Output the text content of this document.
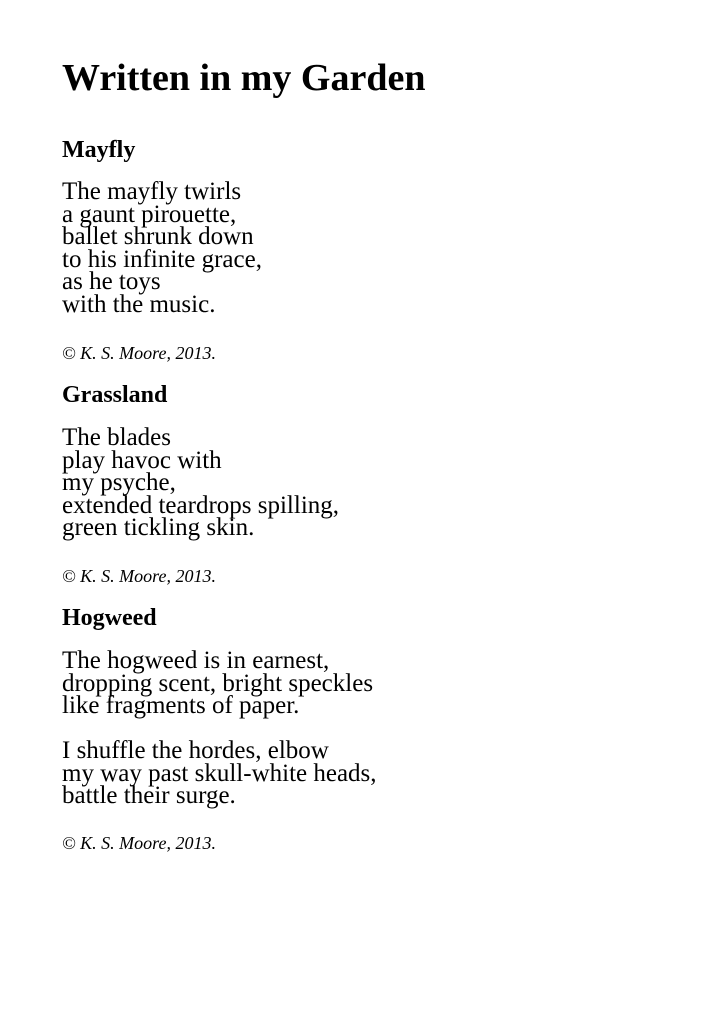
Written in my Garden
Mayfly
The mayfly twirls
a gaunt pirouette,
ballet shrunk down
to his infinite grace,
as he toys
with the music.

© K. S. Moore, 2013.

Grassland
The blades
play havoc with
my psyche,
extended teardrops spilling,
green tickling skin.

© K. S. Moore, 2013.

Hogweed
The hogweed is in earnest,
dropping scent, bright speckles
like fragments of paper.
I shuffle the hordes, elbow
my way past skull-white heads,
battle their surge.

© K. S. Moore, 2013.
